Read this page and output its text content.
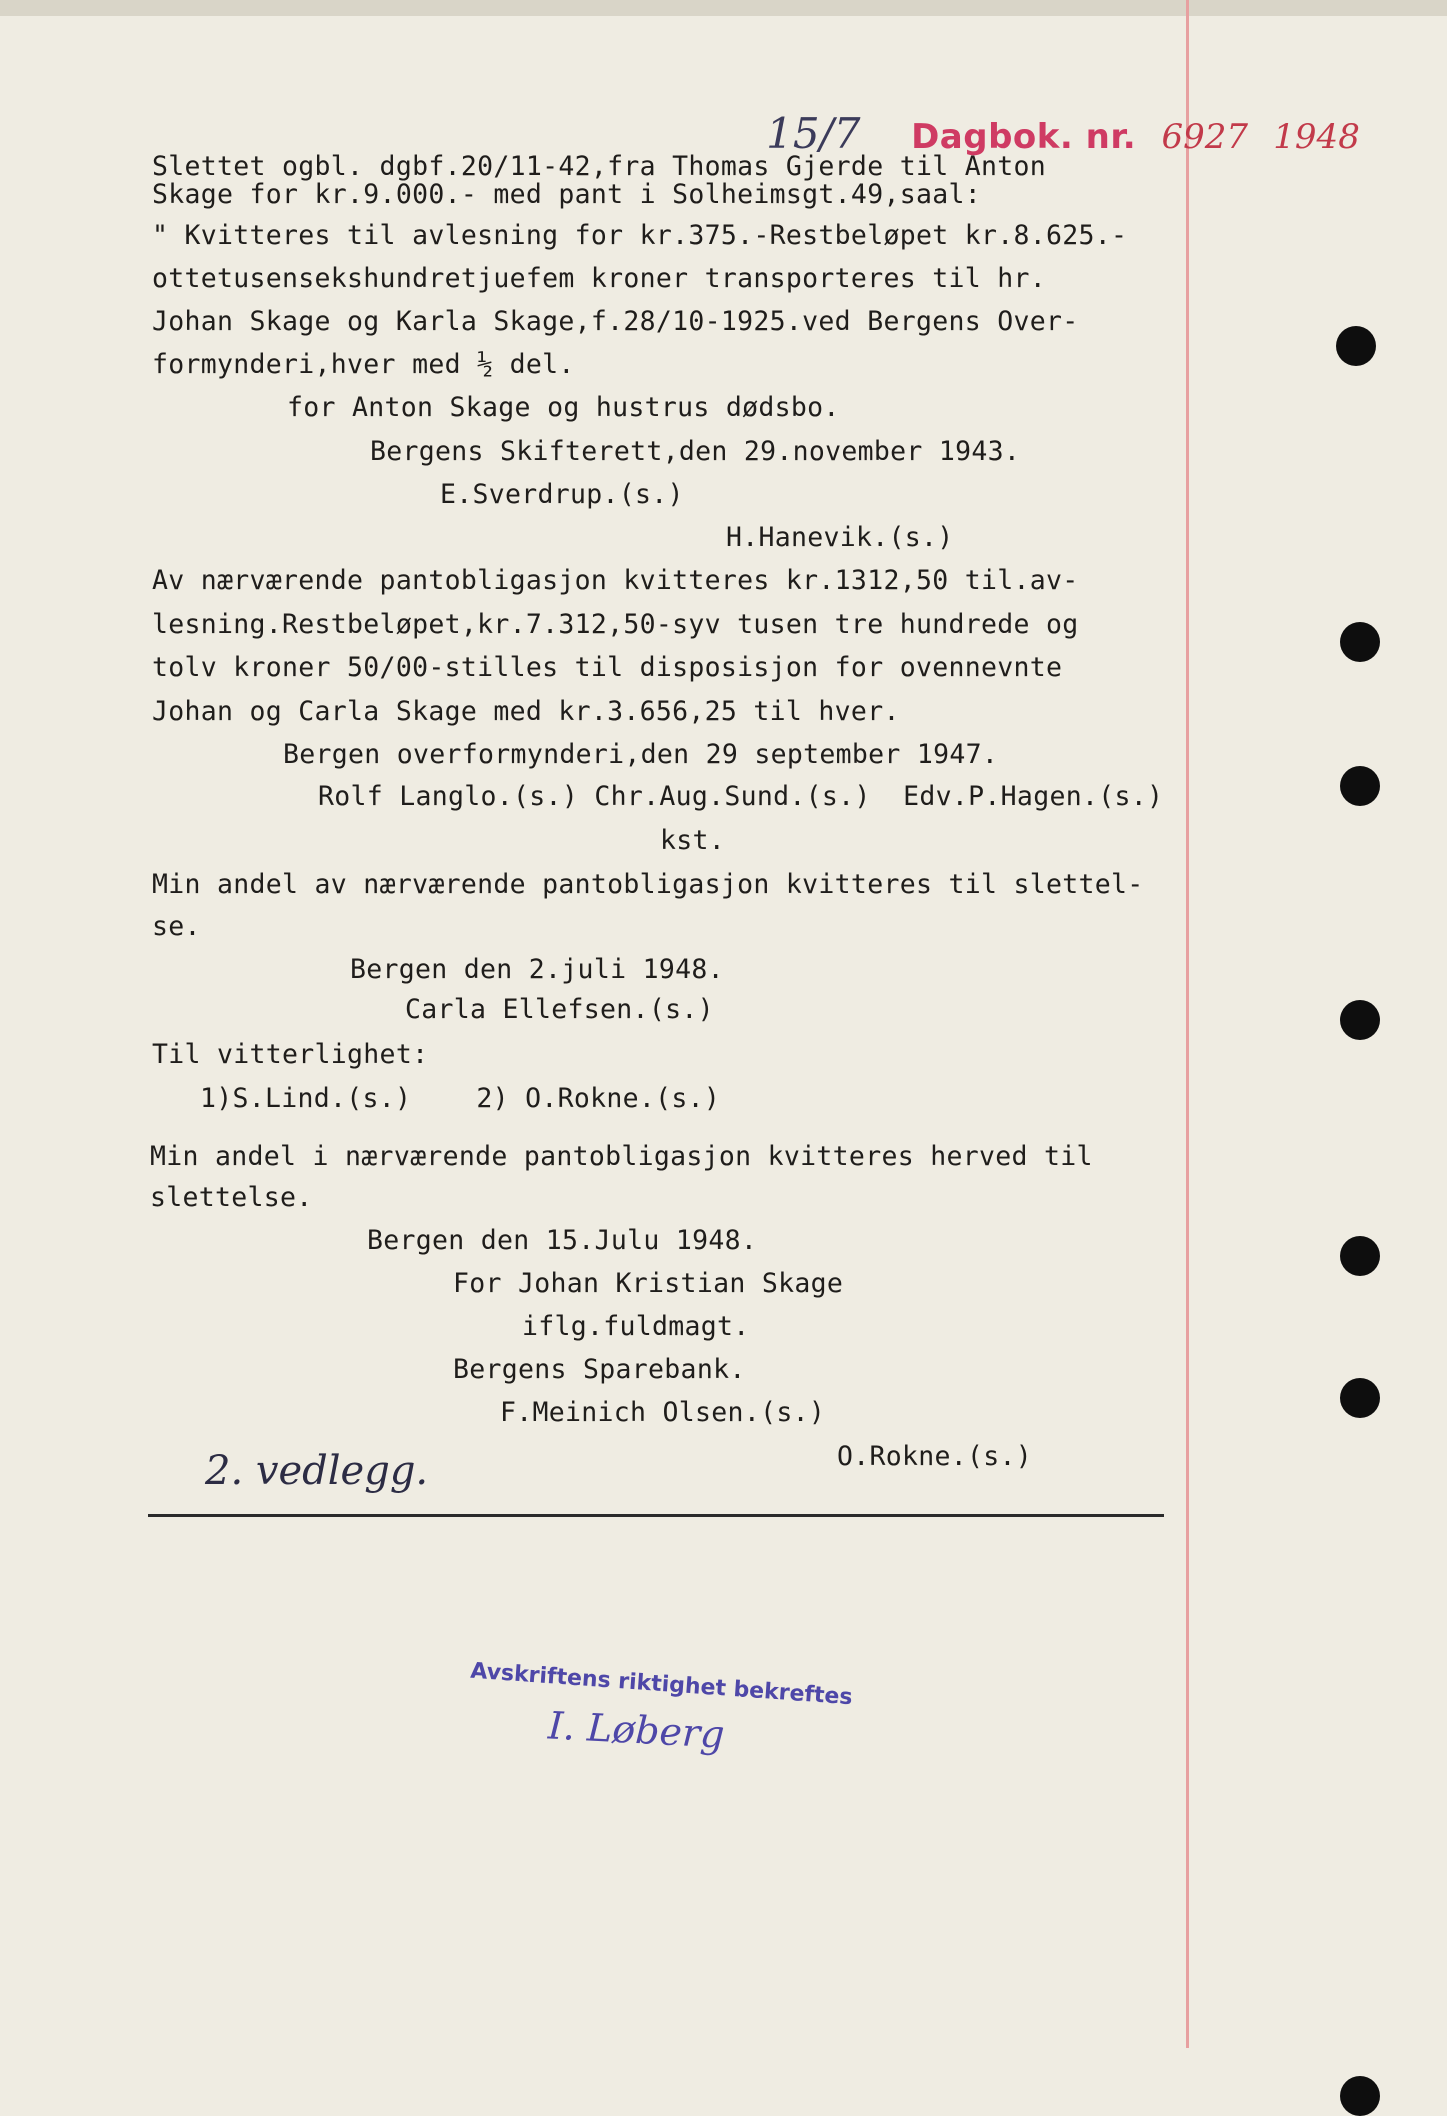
15/7 Dagbok. nr. 6927 1948

Slettet ogbl. dgbf.20/11-42,fra Thomas Gjerde til Anton
Skage for kr.9.000.- med pant i Solheimsgt.49,saal:
" Kvitteres til avlesning for kr.375.-Restbeløpet kr.8.625.-
ottetusensekshundretjuefem kroner transporteres til hr.
Johan Skage og Karla Skage,f.28/10-1925.ved Bergens Over-
formynderi,hver med ½ del.
for Anton Skage og hustrus dødsbo.
Bergens Skifterett,den 29.november 1943.
E.Sverdrup.(s.)
H.Hanevik.(s.)
Av nærværende pantobligasjon kvitteres kr.1312,50 til.av-
lesning.Restbeløpet,kr.7.312,50-syv tusen tre hundrede og
tolv kroner 50/00-stilles til disposisjon for ovennevnte
Johan og Carla Skage med kr.3.656,25 til hver.
Bergen overformynderi,den 29 september 1947.
Rolf Langlo.(s.) Chr.Aug.Sund.(s.)  Edv.P.Hagen.(s.)
kst.
Min andel av nærværende pantobligasjon kvitteres til slettel-
se.
Bergen den 2.juli 1948.
Carla Ellefsen.(s.)
Til vitterlighet:
1)S.Lind.(s.)    2) O.Rokne.(s.)
Min andel i nærværende pantobligasjon kvitteres herved til
slettelse.
Bergen den 15.Julu 1948.
For Johan Kristian Skage
iflg.fuldmagt.
Bergens Sparebank.
F.Meinich Olsen.(s.)
O.Rokne.(s.)
2. vedlegg.
Avskriftens riktighet bekreftes
I. Løberg
